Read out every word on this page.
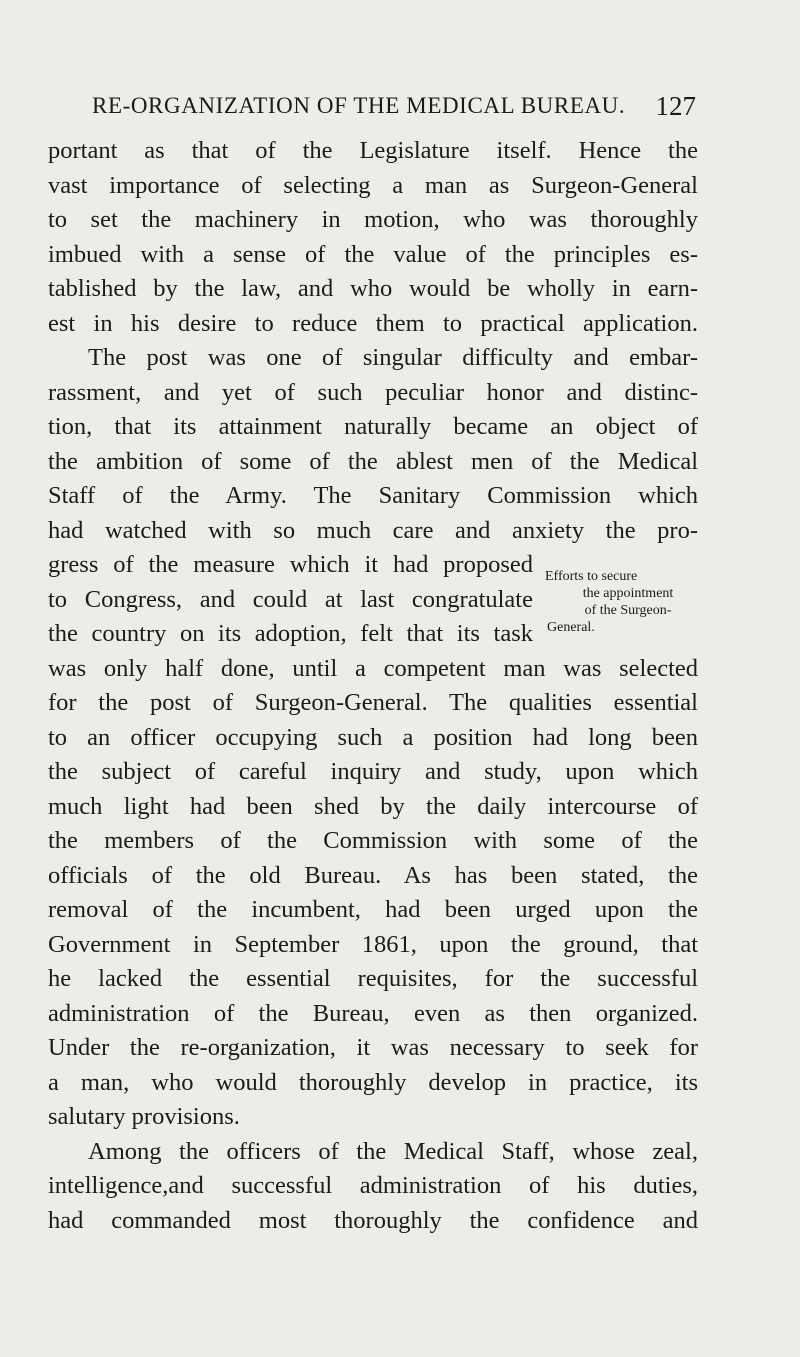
RE-ORGANIZATION OF THE MEDICAL BUREAU. 127
portant as that of the Legislature itself. Hence the
vast importance of selecting a man as Surgeon-General
to set the machinery in motion, who was thoroughly
imbued with a sense of the value of the principles es-
tablished by the law, and who would be wholly in earn-
est in his desire to reduce them to practical application.
The post was one of singular difficulty and embar-
rassment, and yet of such peculiar honor and distinc-
tion, that its attainment naturally became an object of
the ambition of some of the ablest men of the Medical
Staff of the Army. The Sanitary Commission which
had watched with so much care and anxiety the pro-
gress of the measure which it had proposed
to Congress, and could at last congratulate
the country on its adoption, felt that its task
was only half done, until a competent man was selected
for the post of Surgeon-General. The qualities essential
to an officer occupying such a position had long been
the subject of careful inquiry and study, upon which
much light had been shed by the daily intercourse of
the members of the Commission with some of the
officials of the old Bureau. As has been stated, the
removal of the incumbent, had been urged upon the
Government in September 1861, upon the ground, that
he lacked the essential requisites, for the successful
administration of the Bureau, even as then organized.
Under the re-organization, it was necessary to seek for
a man, who would thoroughly develop in practice, its
salutary provisions.
Among the officers of the Medical Staff, whose zeal,
intelligence,and successful administration of his duties,
had commanded most thoroughly the confidence and
Efforts to secure
the appointment
of the Surgeon-
General.
